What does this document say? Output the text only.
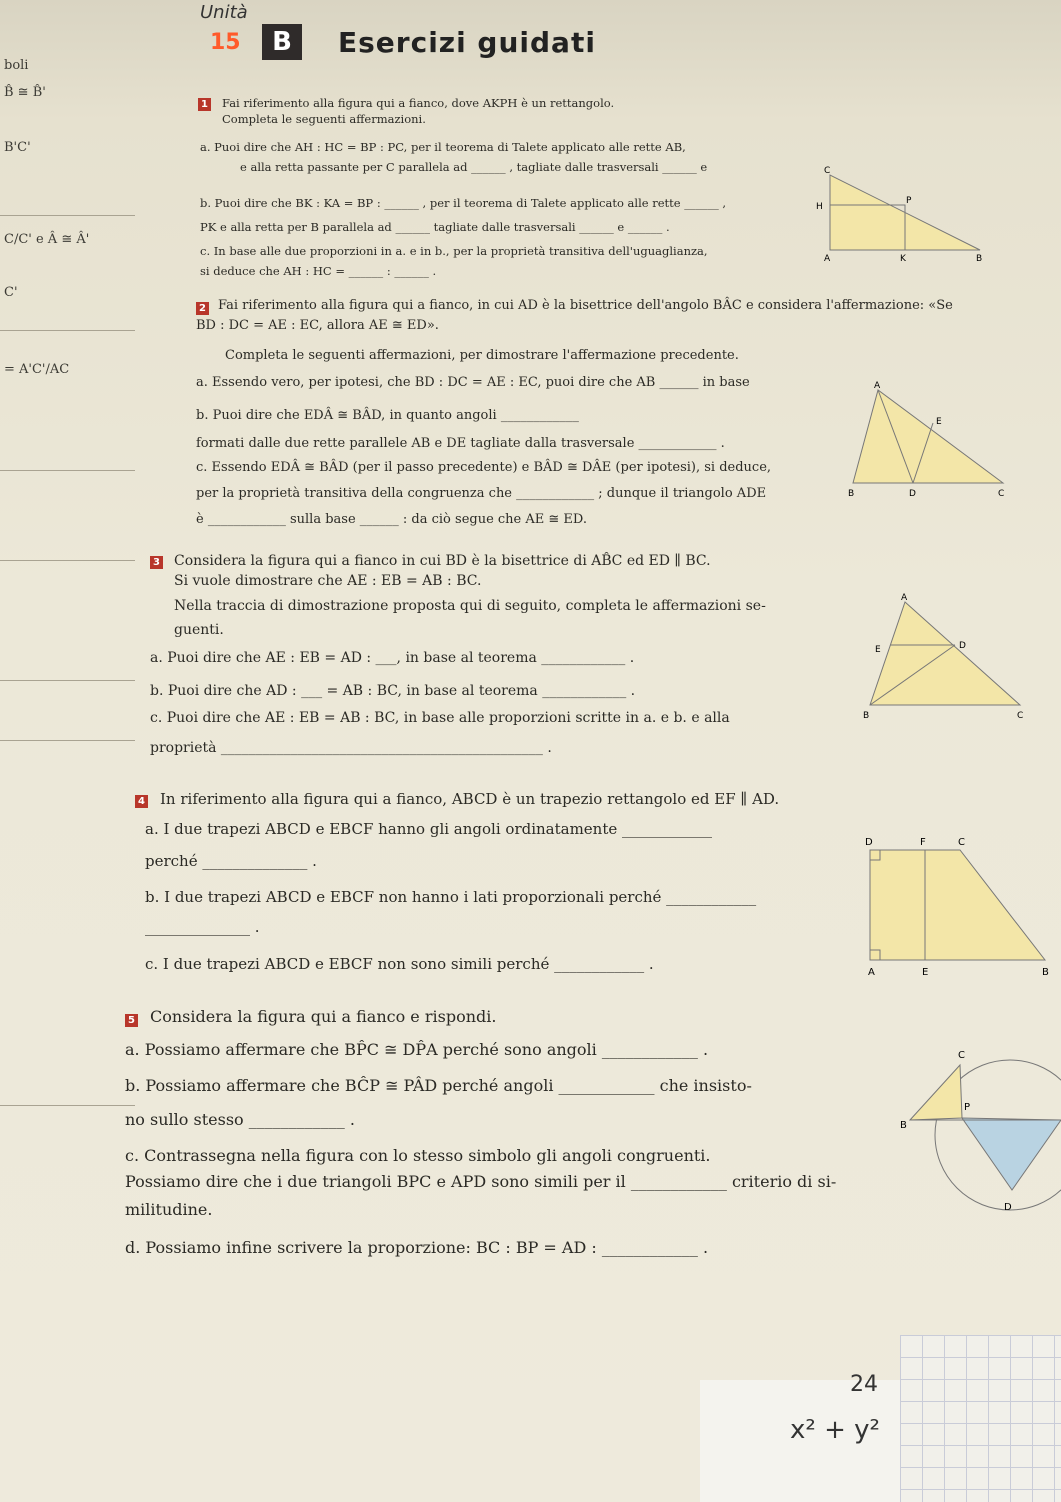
boli
B̂ ≅ B̂'
B'C'
C/C' e Â ≅ Â'
C'
= A'C'/AC
Unità
15	B	Esercizi guidati
1	Fai riferimento alla figura qui a fianco, dove AKPH è un rettangolo.
Completa le seguenti affermazioni.
a. Puoi dire che AH : HC = BP : PC, per il teorema di Talete applicato alle rette AB,
e alla retta passante per C parallela ad ______ , tagliate dalle trasversali ______ e
b. Puoi dire che BK : KA = BP : ______ , per il teorema di Talete applicato alle rette ______ ,
PK e alla retta per B parallela ad ______ tagliate dalle trasversali ______ e ______ .
c. In base alle due proporzioni in a. e in b., per la proprietà transitiva dell'uguaglianza,
si deduce che AH : HC = ______ : ______ .
C
H
P
A	K	B
2 Fai riferimento alla figura qui a fianco, in cui AD è la bisettrice dell'angolo BÂC e considera l'affermazione: «Se
BD : DC = AE : EC, allora AE ≅ ED».
Completa le seguenti affermazioni, per dimostrare l'affermazione precedente.
a. Essendo vero, per ipotesi, che BD : DC = AE : EC, puoi dire che AB ______ in base
b. Puoi dire che EDÂ ≅ BÂD, in quanto angoli ____________
formati dalle due rette parallele AB e DE tagliate dalla trasversale ____________ .
c. Essendo EDÂ ≅ BÂD (per il passo precedente) e BÂD ≅ DÂE (per ipotesi), si deduce,
per la proprietà transitiva della congruenza che ____________ ; dunque il triangolo ADE
è ____________ sulla base ______ : da ciò segue che AE ≅ ED.
A
E
B	D	C
3	Considera la figura qui a fianco in cui BD è la bisettrice di AB̂C ed ED ∥ BC.
Si vuole dimostrare che AE : EB = AB : BC.
Nella traccia di dimostrazione proposta qui di seguito, completa le affermazioni se-
guenti.
a. Puoi dire che AE : EB = AD : ___, in base al teorema ____________ .
b. Puoi dire che AD : ___ = AB : BC, in base al teorema ____________ .
c. Puoi dire che AE : EB = AB : BC, in base alle proporzioni scritte in a. e b. e alla
proprietà ______________________________________________ .
A
E	D
B	C
4	In riferimento alla figura qui a fianco, ABCD è un trapezio rettangolo ed EF ∥ AD.
a. I due trapezi ABCD e EBCF hanno gli angoli ordinatamente ____________
perché ______________ .
b. I due trapezi ABCD e EBCF non hanno i lati proporzionali perché ____________
______________ .
c. I due trapezi ABCD e EBCF non sono simili perché ____________ .
D	F	C
A	E	B
5 Considera la figura qui a fianco e rispondi.
a. Possiamo affermare che BP̂C ≅ DP̂A perché sono angoli ____________ .
b. Possiamo affermare che BĈP ≅ PÂD perché angoli ____________ che insisto-
no sullo stesso ____________ .
c. Contrassegna nella figura con lo stesso simbolo gli angoli congruenti.
Possiamo dire che i due triangoli BPC e APD sono simili per il ____________ criterio di si-
militudine.
d. Possiamo infine scrivere la proporzione: BC : BP = AD : ____________ .
C
P
B
D
24
x² + y²
